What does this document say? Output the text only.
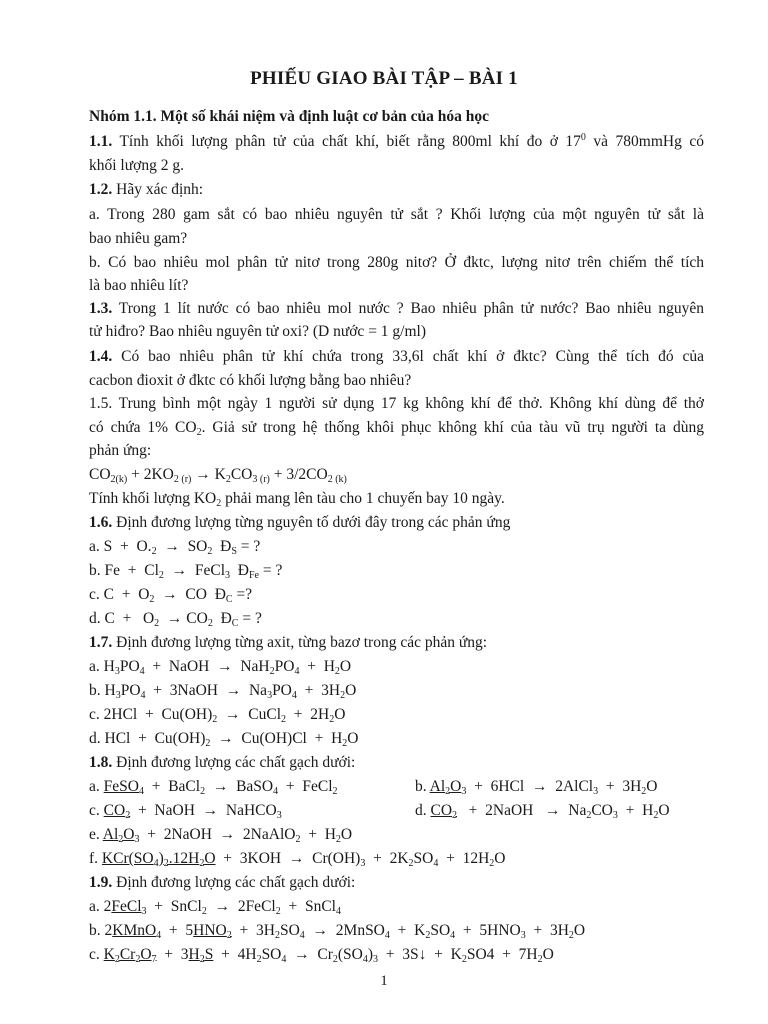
PHIẾU GIAO BÀI TẬP – BÀI 1
Nhóm 1.1. Một số khái niệm và định luật cơ bản của hóa học
1.1. Tính khối lượng phân tử của chất khí, biết rằng 800ml khí đo ở $17^0$ và 780mmHg có
khối lượng 2 g.
1.2. Hãy xác định:
a. Trong 280 gam sắt có bao nhiêu nguyên tử sắt ? Khối lượng của một nguyên tử sắt là
bao nhiêu gam?
b. Có bao nhiêu mol phân tử nitơ trong 280g nitơ? Ở đktc, lượng nitơ trên chiếm thể tích
là bao nhiêu lít?
1.3. Trong 1 lít nước có bao nhiêu mol nước ? Bao nhiêu phân tử nước? Bao nhiêu nguyên
tử hiđro? Bao nhiêu nguyên tử oxi? (D nước = 1 g/ml)
1.4. Có bao nhiêu phân tử khí chứa trong 33,6l chất khí ở đktc? Cùng thể tích đó của
cacbon đioxit ở đktc có khối lượng bằng bao nhiêu?
1.5. Trung bình một ngày 1 người sử dụng 17 kg không khí để thở. Không khí dùng để thở
có chứa 1% $CO_2$. Giả sử trong hệ thống khôi phục không khí của tàu vũ trụ người ta dùng
phản ứng:
$CO_{2(k)} + 2KO_{2 (r)} \to K_2CO_{3 (r)} + 3/2CO_{2 (k)}$
Tính khối lượng $KO_2$ phải mang lên tàu cho 1 chuyến bay 10 ngày.
1.6. Định đương lượng từng nguyên tố dưới đây trong các phản ứng
a. $S + O._2 \to SO_2$  $Đ_S$ = ?
b. $Fe + Cl_2$  →  FeCl$_3$  $Đ_{Fe}$ = ?
c. $C + O_2$  →  CO  $Đ_C$ =?
d. $C + O_2 \to CO_2$  $Đ_C$ = ?
1.7. Định đương lượng từng axit, từng bazơ trong các phản ứng:
a. $H_3PO_4$  +  NaOH  →  $NaH_2PO_4 + H_2O$
b. $H_3PO_4$  +  3NaOH  →  $Na_3PO_4 + 3H_2O$
c. $2HCl + Cu(OH)_2$  →  CuCl$_2$  +  $2H_2O$
d. HCl  +  $Cu(OH)_2 \to Cu(OH)Cl + H_2O$
1.8. Định đương lượng các chất gạch dưới:
a. FeSO$_4$  +  BaCl$_2$  →  BaSO$_4$  +  FeCl$_2$	b. $Al_2O_3 + 6HCl$  →  2AlCl$_3$  +  $3H_2O$
c. $CO_2$  +  NaOH  →  NaHCO$_3$	d. $CO_2$   +  2NaOH   →  $Na_2CO_3 + H_2O$
e. $Al_2O_3$  +  2NaOH  →  2NaAlO$_2$  +  $H_2O$
f. $KCr(SO_4)_2.12H_2O + 3KOH \to Cr(OH)_3 + 2K_2SO_4 + 12H_2O$
1.9. Định đương lượng các chất gạch dưới:
a. 2FeCl$_3$  +  SnCl$_2$  →  2FeCl$_2$  +  SnCl$_4$
b. 2KMnO$_4$  +  $5HNO_2 + 3H_2SO_4$  →  2MnSO$_4$  +  $K_2SO_4 + 5HNO_3 + 3H_2O$
c. $K_2Cr_2O_7 + 3H_2S + 4H_2SO_4 \to Cr_2(SO_4)_3$  +  3S↓  +  $K_2SO4 + 7H_2O$
1
